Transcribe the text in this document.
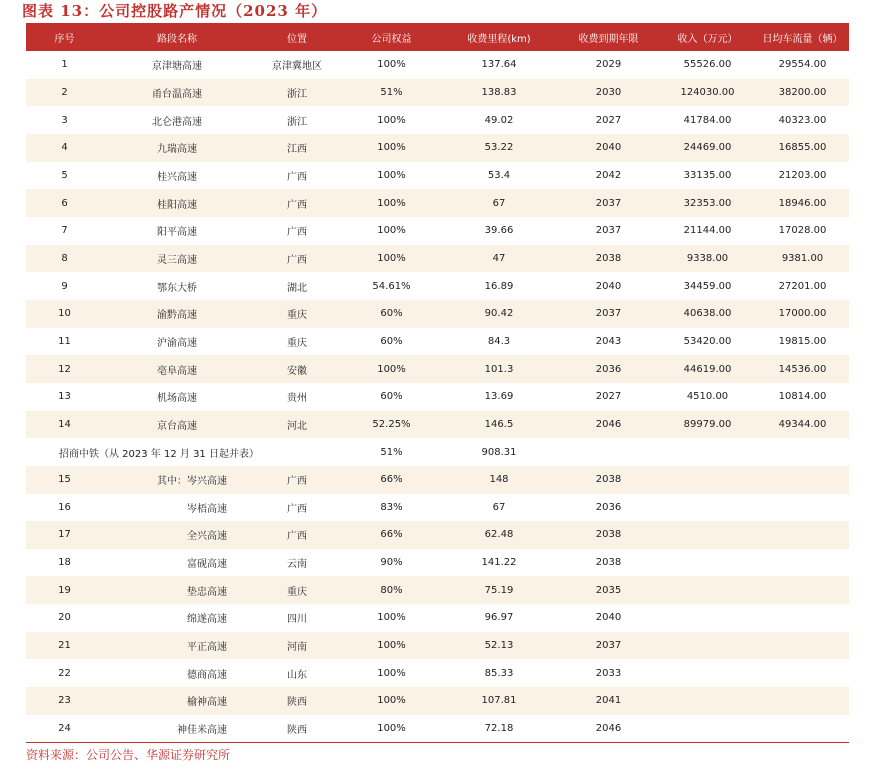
图表 13：公司控股路产情况（2023 年）
序号	路段名称	位置	公司权益	收费里程(km)	收费到期年限	收入（万元）	日均车流量（辆）
1	京津塘高速	京津冀地区	100%	137.64	2029	55526.00	29554.00
2	甬台温高速	浙江	51%	138.83	2030	124030.00	38200.00
3	北仑港高速	浙江	100%	49.02	2027	41784.00	40323.00
4	九瑞高速	江西	100%	53.22	2040	24469.00	16855.00
5	桂兴高速	广西	100%	53.4	2042	33135.00	21203.00
6	桂阳高速	广西	100%	67	2037	32353.00	18946.00
7	阳平高速	广西	100%	39.66	2037	21144.00	17028.00
8	灵三高速	广西	100%	47	2038	9338.00	9381.00
9	鄂东大桥	湖北	54.61%	16.89	2040	34459.00	27201.00
10	渝黔高速	重庆	60%	90.42	2037	40638.00	17000.00
11	沪渝高速	重庆	60%	84.3	2043	53420.00	19815.00
12	亳阜高速	安徽	100%	101.3	2036	44619.00	14536.00
13	机场高速	贵州	60%	13.69	2027	4510.00	10814.00
14	京台高速	河北	52.25%	146.5	2046	89979.00	49344.00
招商中铁（从 2023 年 12 月 31 日起并表）			51%	908.31			
15	其中：岑兴高速	广西	66%	148	2038		
16	岑梧高速	广西	83%	67	2036		
17	全兴高速	广西	66%	62.48	2038		
18	富砚高速	云南	90%	141.22	2038		
19	垫忠高速	重庆	80%	75.19	2035		
20	绵遂高速	四川	100%	96.97	2040		
21	平正高速	河南	100%	52.13	2037		
22	德商高速	山东	100%	85.33	2033		
23	榆神高速	陕西	100%	107.81	2041		
24	神佳米高速	陕西	100%	72.18	2046		
资料来源：公司公告、华源证券研究所
